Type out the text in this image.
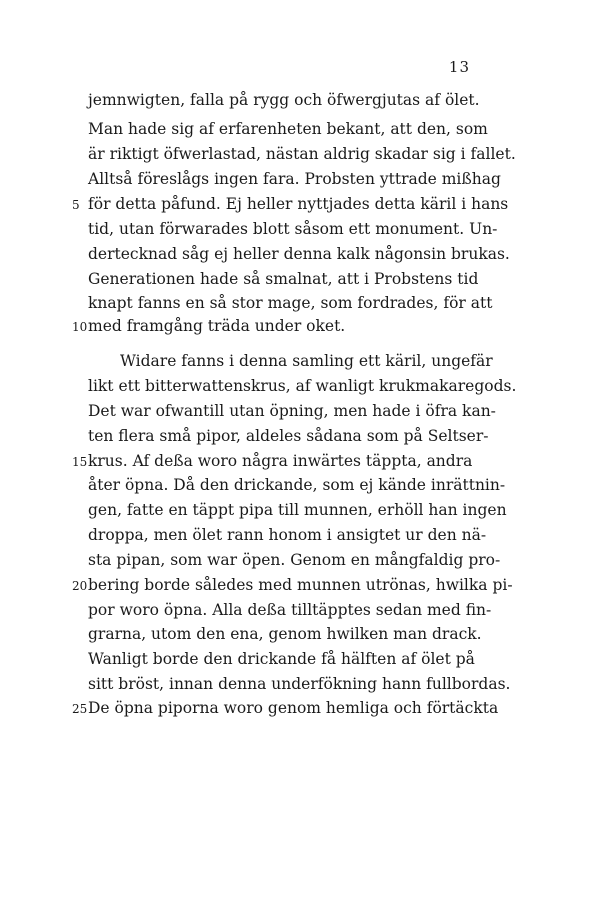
13
jemnwigten, falla på rygg och öfwergjutas af ölet.
Man hade sig af erfarenheten bekant, att den, som
är riktigt öfwerlastad, nästan aldrig skadar sig i fallet.
Alltså föreslågs ingen fara. Probsten yttrade mißhag
5 för detta påfund. Ej heller nyttjades detta käril i hans
tid, utan förwarades blott såsom ett monument. Un-
dertecknad såg ej heller denna kalk någonsin brukas.
Generationen hade så smalnat, att i Probstens tid
knapt fanns en så stor mage, som fordrades, för att
10 med framgång träda under oket.
Widare fanns i denna samling ett käril, ungefär
likt ett bitterwattenskrus, af wanligt krukmakaregods.
Det war ofwantill utan öpning, men hade i öfra kan-
ten flera små pipor, aldeles sådana som på Seltser-
15 krus. Af deßa woro några inwärtes täppta, andra
åter öpna. Då den drickande, som ej kände inrättnin-
gen, fatte en täppt pipa till munnen, erhöll han ingen
droppa, men ölet rann honom i ansigtet ur den nä-
sta pipan, som war öpen. Genom en mångfaldig pro-
20 bering borde således med munnen utrönas, hwilka pi-
por woro öpna. Alla deßa tilltäpptes sedan med fin-
grarna, utom den ena, genom hwilken man drack.
Wanligt borde den drickande få hälften af ölet på
sitt bröst, innan denna underfökning hann fullbordas.
25 De öpna piporna woro genom hemliga och förtäckta
